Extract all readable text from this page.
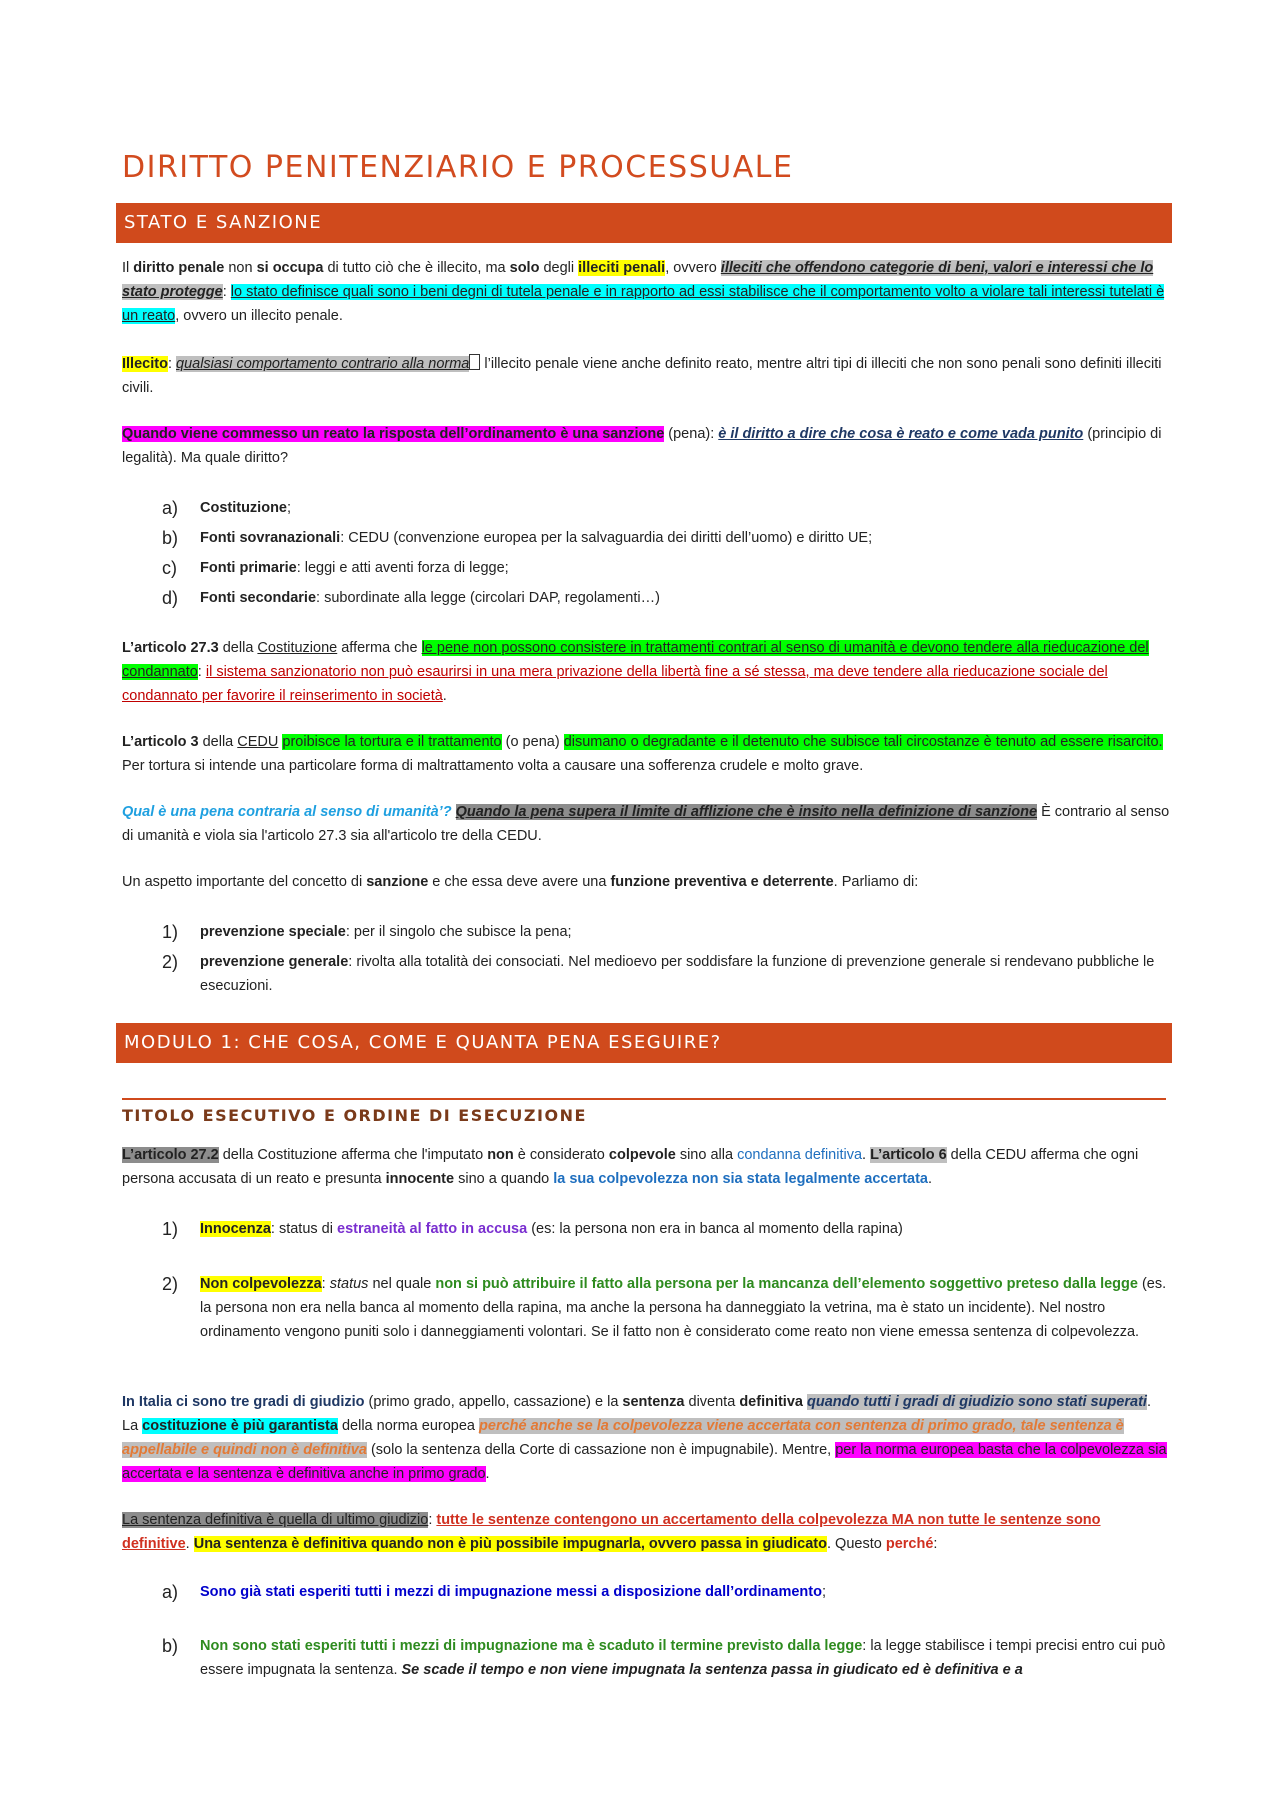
DIRITTO PENITENZIARIO E PROCESSUALE
STATO E SANZIONE
Il diritto penale non si occupa di tutto ciò che è illecito, ma solo degli illeciti penali, ovvero illeciti che offendono categorie di beni, valori e interessi che lo stato protegge: lo stato definisce quali sono i beni degni di tutela penale e in rapporto ad essi stabilisce che il comportamento volto a violare tali interessi tutelati è un reato, ovvero un illecito penale.
Illecito: qualsiasi comportamento contrario alla norma l’illecito penale viene anche definito reato, mentre altri tipi di illeciti che non sono penali sono definiti illeciti civili.
Quando viene commesso un reato la risposta dell’ordinamento è una sanzione (pena): è il diritto a dire che cosa è reato e come vada punito (principio di legalità). Ma quale diritto?
a) Costituzione;
b) Fonti sovranazionali: CEDU (convenzione europea per la salvaguardia dei diritti dell’uomo) e diritto UE;
c) Fonti primarie: leggi e atti aventi forza di legge;
d) Fonti secondarie: subordinate alla legge (circolari DAP, regolamenti…)
L’articolo 27.3 della Costituzione afferma che le pene non possono consistere in trattamenti contrari al senso di umanità e devono tendere alla rieducazione del condannato: il sistema sanzionatorio non può esaurirsi in una mera privazione della libertà fine a sé stessa, ma deve tendere alla rieducazione sociale del condannato per favorire il reinserimento in società.
L’articolo 3 della CEDU proibisce la tortura e il trattamento (o pena) disumano o degradante e il detenuto che subisce tali circostanze è tenuto ad essere risarcito. Per tortura si intende una particolare forma di maltrattamento volta a causare una sofferenza crudele e molto grave.
Qual è una pena contraria al senso di umanità’? Quando la pena supera il limite di afflizione che è insito nella definizione di sanzione È contrario al senso di umanità e viola sia l'articolo 27.3 sia all'articolo tre della CEDU.
Un aspetto importante del concetto di sanzione e che essa deve avere una funzione preventiva e deterrente. Parliamo di:
1) prevenzione speciale: per il singolo che subisce la pena;
2) prevenzione generale: rivolta alla totalità dei consociati. Nel medioevo per soddisfare la funzione di prevenzione generale si rendevano pubbliche le esecuzioni.
MODULO 1: CHE COSA, COME E QUANTA PENA ESEGUIRE?
TITOLO ESECUTIVO E ORDINE DI ESECUZIONE
L’articolo 27.2 della Costituzione afferma che l'imputato non è considerato colpevole sino alla condanna definitiva. L’articolo 6 della CEDU afferma che ogni persona accusata di un reato e presunta innocente sino a quando la sua colpevolezza non sia stata legalmente accertata.
1) Innocenza: status di estraneità al fatto in accusa (es: la persona non era in banca al momento della rapina)
2) Non colpevolezza: status nel quale non si può attribuire il fatto alla persona per la mancanza dell’elemento soggettivo preteso dalla legge (es. la persona non era nella banca al momento della rapina, ma anche la persona ha danneggiato la vetrina, ma è stato un incidente). Nel nostro ordinamento vengono puniti solo i danneggiamenti volontari. Se il fatto non è considerato come reato non viene emessa sentenza di colpevolezza.
In Italia ci sono tre gradi di giudizio (primo grado, appello, cassazione) e la sentenza diventa definitiva quando tutti i gradi di giudizio sono stati superati. La costituzione è più garantista della norma europea perché anche se la colpevolezza viene accertata con sentenza di primo grado, tale sentenza è appellabile e quindi non è definitiva (solo la sentenza della Corte di cassazione non è impugnabile). Mentre, per la norma europea basta che la colpevolezza sia accertata e la sentenza è definitiva anche in primo grado.
La sentenza definitiva è quella di ultimo giudizio: tutte le sentenze contengono un accertamento della colpevolezza MA non tutte le sentenze sono definitive. Una sentenza è definitiva quando non è più possibile impugnarla, ovvero passa in giudicato. Questo perché:
a) Sono già stati esperiti tutti i mezzi di impugnazione messi a disposizione dall’ordinamento;
b) Non sono stati esperiti tutti i mezzi di impugnazione ma è scaduto il termine previsto dalla legge: la legge stabilisce i tempi precisi entro cui può essere impugnata la sentenza. Se scade il tempo e non viene impugnata la sentenza passa in giudicato ed è definitiva e a
